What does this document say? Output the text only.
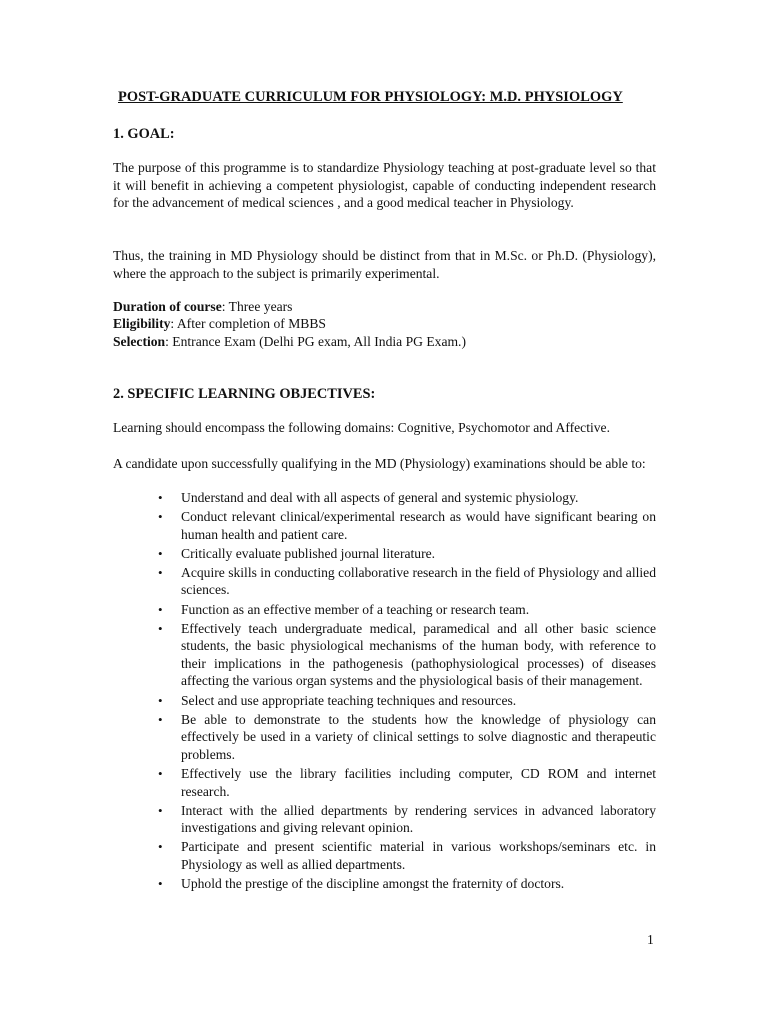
POST-GRADUATE CURRICULUM FOR PHYSIOLOGY: M.D. PHYSIOLOGY
1. GOAL:

The purpose of this programme is to standardize Physiology teaching at post-graduate level so that it will benefit in achieving a competent physiologist, capable of conducting independent research for the advancement of medical sciences , and a good medical teacher in Physiology.

Thus, the training in MD Physiology should be distinct from that in M.Sc. or Ph.D. (Physiology), where the approach to the subject is primarily experimental.

Duration of course: Three years
Eligibility: After completion of MBBS
Selection: Entrance Exam (Delhi PG exam, All India PG Exam.)
2. SPECIFIC LEARNING OBJECTIVES:

Learning should encompass the following domains: Cognitive, Psychomotor and Affective.

A candidate upon successfully qualifying in the MD (Physiology) examinations should be able to:

• Understand and deal with all aspects of general and systemic physiology.
• Conduct relevant clinical/experimental research as would have significant bearing on human health and patient care.
• Critically evaluate published journal literature.
• Acquire skills in conducting collaborative research in the field of Physiology and allied sciences.
• Function as an effective member of a teaching or research team.
• Effectively teach undergraduate medical, paramedical and all other basic science students, the basic physiological mechanisms of the human body, with reference to their implications in the pathogenesis (pathophysiological processes) of diseases affecting the various organ systems and the physiological basis of their management.
• Select and use appropriate teaching techniques and resources.
• Be able to demonstrate to the students how the knowledge of physiology can effectively be used in a variety of clinical settings to solve diagnostic and therapeutic problems.
• Effectively use the library facilities including computer, CD ROM and internet research.
• Interact with the allied departments by rendering services in advanced laboratory investigations and giving relevant opinion.
• Participate and present scientific material in various workshops/seminars etc. in Physiology as well as allied departments.
• Uphold the prestige of the discipline amongst the fraternity of doctors.
1
